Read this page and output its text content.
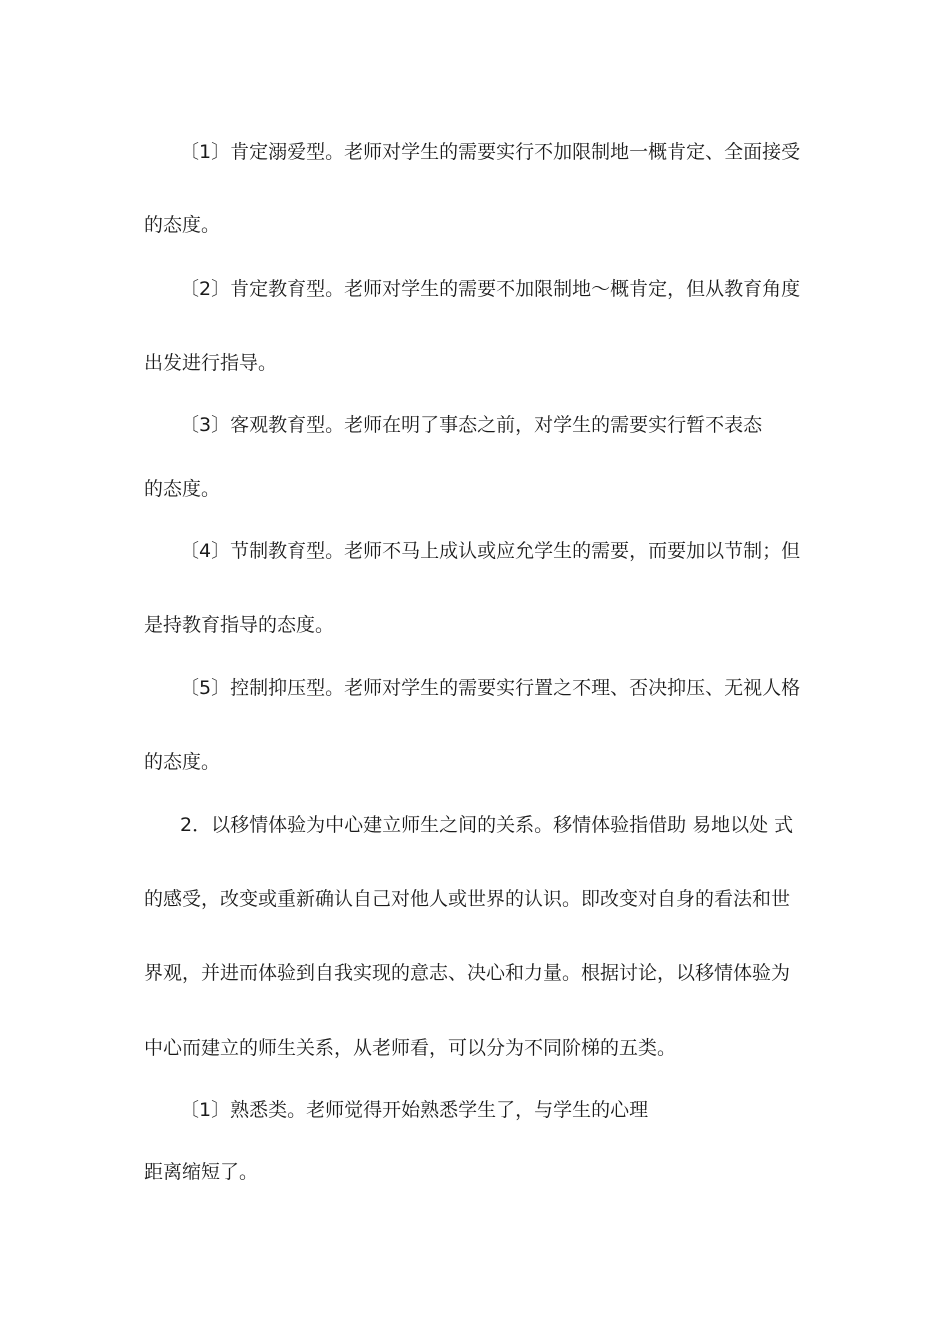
〔1〕肯定溺爱型。老师对学生的需要实行不加限制地一概肯定、全面接受
的态度。
〔2〕肯定教育型。老师对学生的需要不加限制地～概肯定，但从教育角度
出发进行指导。
〔3〕客观教育型。老师在明了事态之前，对学生的需要实行暂不表态
的态度。
〔4〕节制教育型。老师不马上成认或应允学生的需要，而要加以节制；但
是持教育指导的态度。
〔5〕控制抑压型。老师对学生的需要实行置之不理、否决抑压、无视人格
的态度。
2．以移情体验为中心建立师生之间的关系。移情体验指借助 易地以处 式
的感受，改变或重新确认自己对他人或世界的认识。即改变对自身的看法和世
界观，并进而体验到自我实现的意志、决心和力量。根据讨论，以移情体验为
中心而建立的师生关系，从老师看，可以分为不同阶梯的五类。
〔1〕熟悉类。老师觉得开始熟悉学生了，与学生的心理
距离缩短了。
